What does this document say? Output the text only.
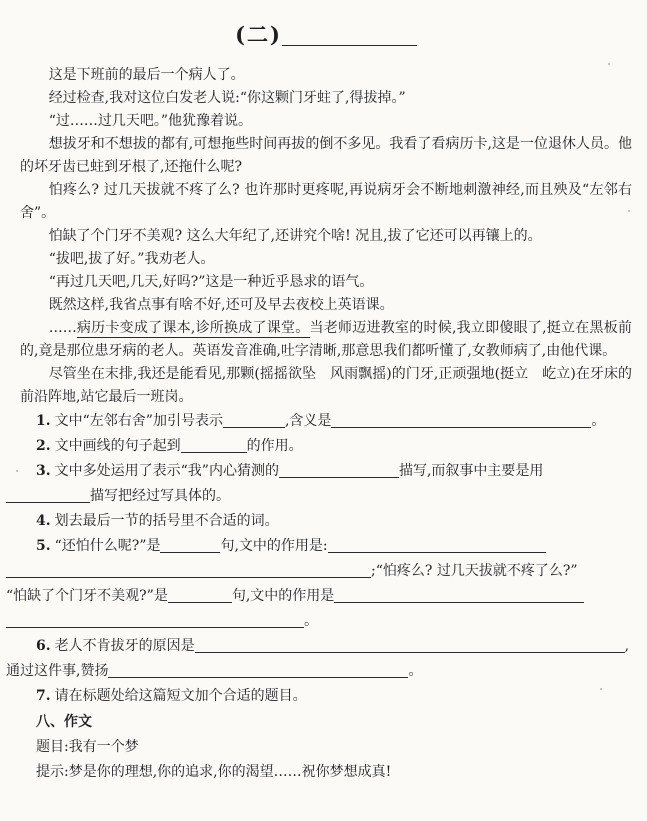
(二)
这是下班前的最后一个病人了。
经过检查,我对这位白发老人说:“你这颗门牙蛀了,得拔掉。”
“过……过几天吧。”他犹豫着说。
想拔牙和不想拔的都有,可想拖些时间再拔的倒不多见。我看了看病历卡,这是一位退休人员。他的坏牙齿已蛀到牙根了,还拖什么呢?
怕疼么? 过几天拔就不疼了么? 也许那时更疼呢,再说病牙会不断地刺激神经,而且殃及“左邻右舍”。
怕缺了个门牙不美观? 这么大年纪了,还讲究个啥! 况且,拔了它还可以再镶上的。
“拔吧,拔了好。”我劝老人。
“再过几天吧,几天,好吗?”这是一种近乎恳求的语气。
既然这样,我省点事有啥不好,还可及早去夜校上英语课。
……病历卡变成了课本,诊所换成了课堂。当老师迈进教室的时候,我立即傻眼了,挺立在黑板前的,竟是那位患牙病的老人。英语发音准确,吐字清晰,那意思我们都听懂了,女教师病了,由他代课。
尽管坐在末排,我还是能看见,那颗(摇摇欲坠　风雨飘摇)的门牙,正顽强地(挺立　屹立)在牙床的前沿阵地,站它最后一班岗。
1. 文中“左邻右舍”加引号表示	,含义是	。
2. 文中画线的句子起到	的作用。
3. 文中多处运用了表示“我”内心猜测的	描写,而叙事中主要是用
描写把经过写具体的。
4. 划去最后一节的括号里不合适的词。
5. “还怕什么呢?”是	句,文中的作用是:
;“怕疼么? 过几天拔就不疼了么?”
“怕缺了个门牙不美观?”是	句,文中的作用是
。
6. 老人不肯拔牙的原因是	,
通过这件事,赞扬	。
7. 请在标题处给这篇短文加个合适的题目。
八、作文
题目:我有一个梦
提示:梦是你的理想,你的追求,你的渴望……祝你梦想成真!
